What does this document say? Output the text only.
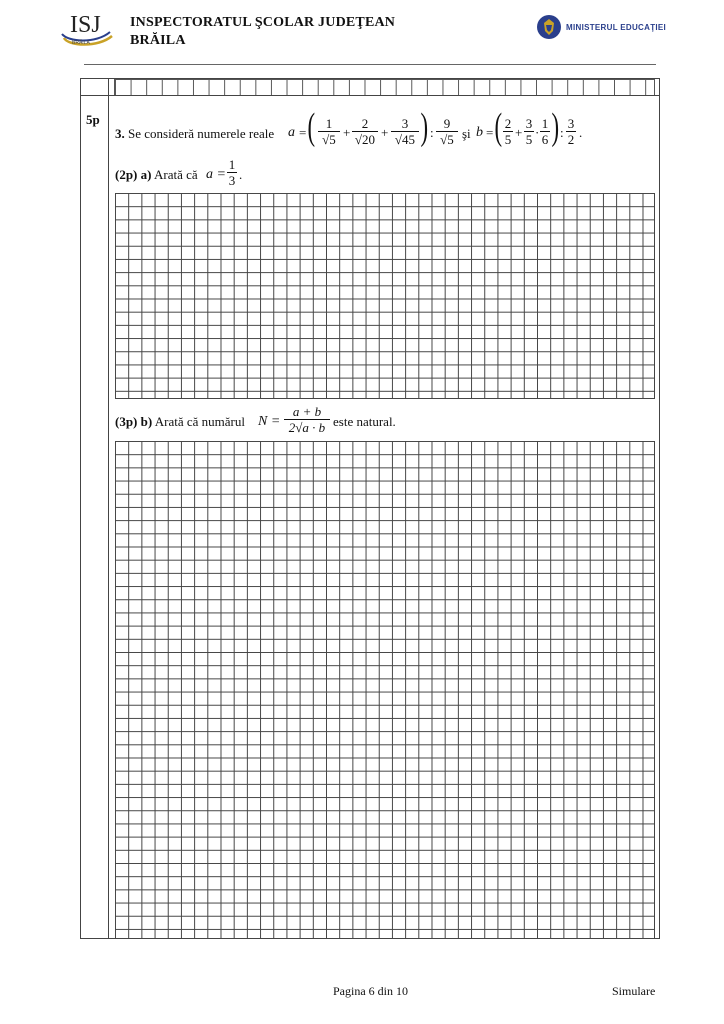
ISJ
BRĂILA
INSPECTORATUL ŞCOLAR JUDEŢEAN
BRĂILA
MINISTERUL EDUCAŢIEI
5p
3. Se consideră numerele reale a = ( 1
√5 +
2
√20 +
3
√45 ) :
9
√5 şi b = ( 2
5 +
3
5 ·
1
6 ) :
3
2 .
(2p) a) Arată că a =
1
3 .
(3p) b) Arată că numărul N =
a + b
2√a · b este natural.
Pagina 6 din 10	Simulare
